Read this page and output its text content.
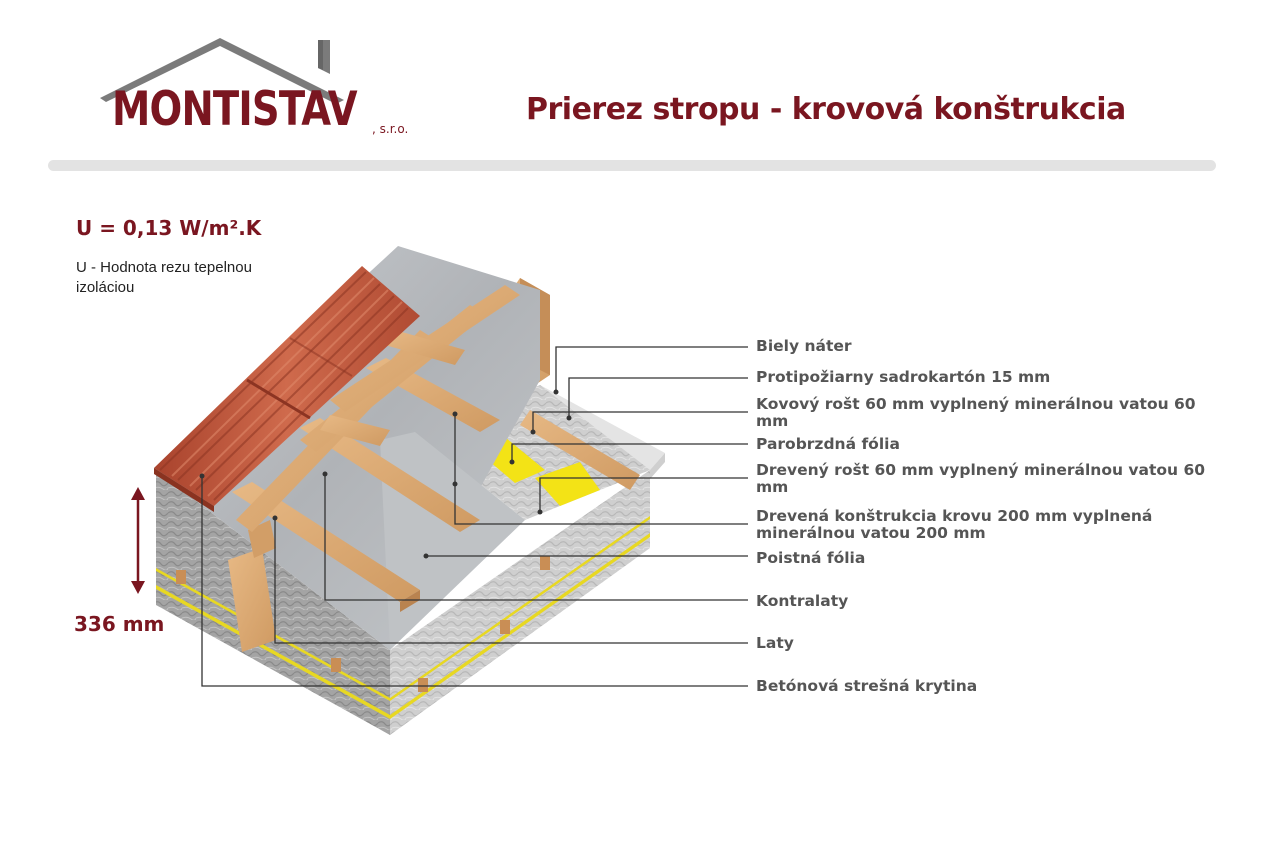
MONTISTAV , s.r.o.
Prierez stropu - krovová konštrukcia
U = 0,13 W/m².K
U - Hodnota rezu tepelnou izoláciou
336 mm
Biely náter
Protipožiarny sadrokartón 15 mm
Kovový rošt 60 mm vyplnený minerálnou vatou 60 mm
Parobrzdná fólia
Drevený rošt 60 mm vyplnený minerálnou vatou 60 mm
Drevená konštrukcia krovu 200 mm vyplnená minerálnou vatou 200 mm
Poistná fólia
Kontralaty
Laty
Betónová strešná krytina
